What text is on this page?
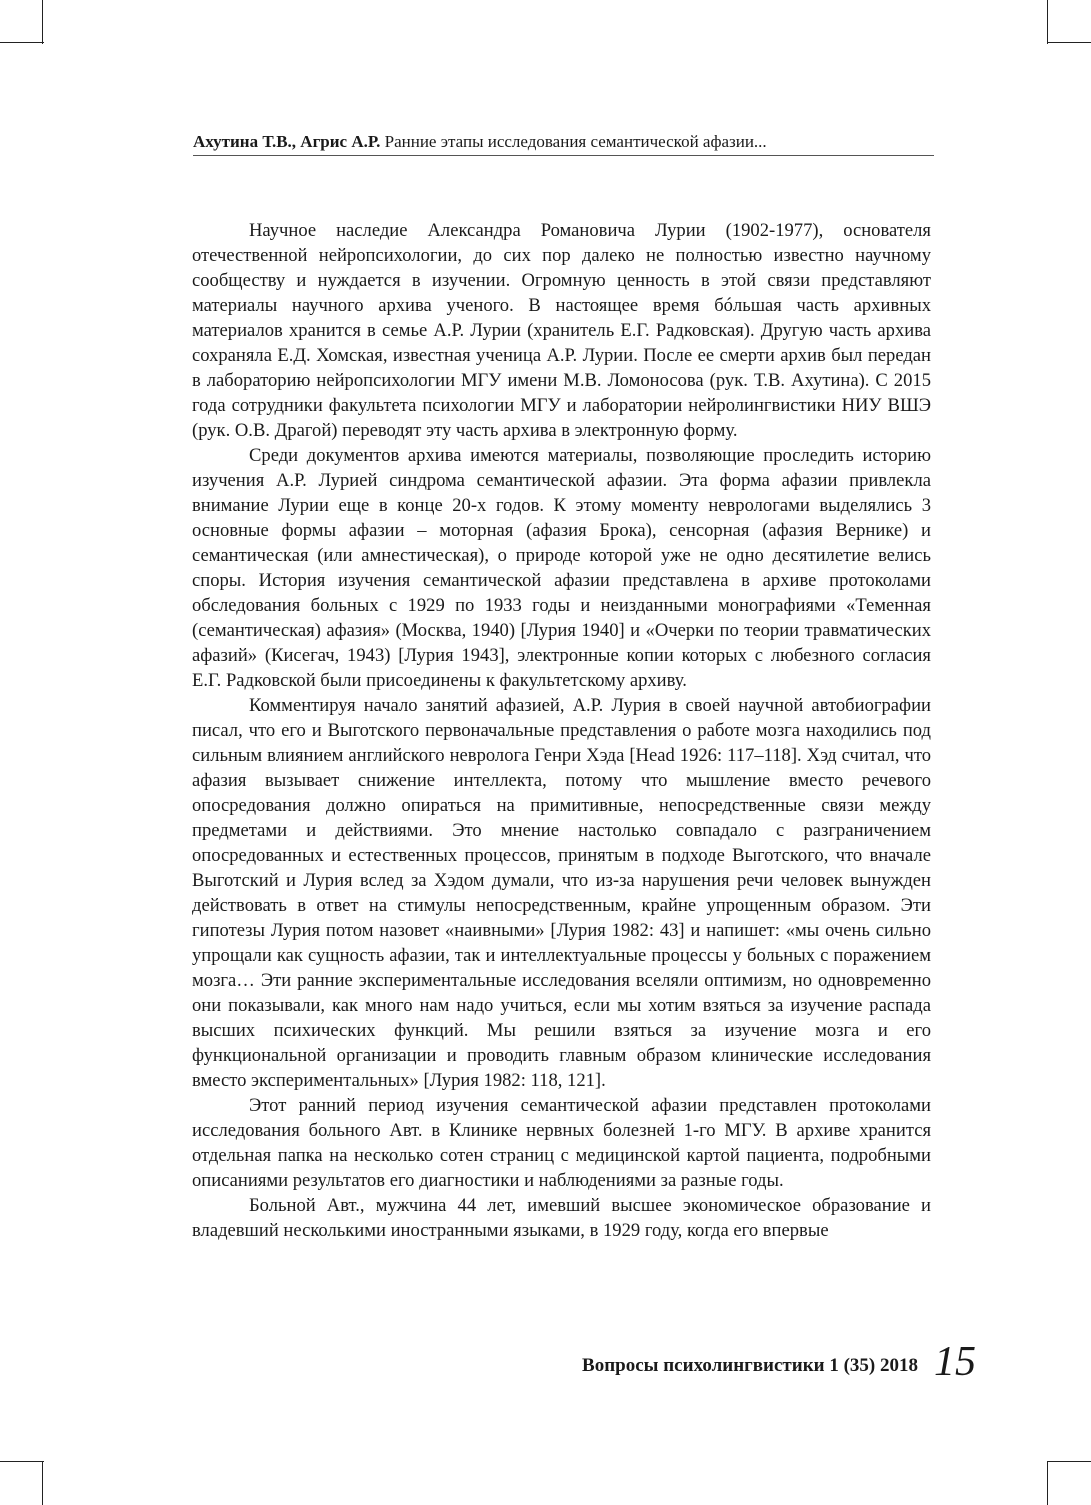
Ахутина Т.В., Агрис А.Р. Ранние этапы исследования семантической афазии...

Научное наследие Александра Романовича Лурии (1902-1977), основателя отечественной нейропсихологии, до сих пор далеко не полностью известно научному сообществу и нуждается в изучении. Огромную ценность в этой связи представляют материалы научного архива ученого. В настоящее время бóльшая часть архивных материалов хранится в семье А.Р. Лурии (хранитель Е.Г. Радковская). Другую часть архива сохраняла Е.Д. Хомская, известная ученица А.Р. Лурии. После ее смерти архив был передан в лабораторию нейропсихологии МГУ имени М.В. Ломоносова (рук. Т.В. Ахутина). С 2015 года сотрудники факультета психологии МГУ и лаборатории нейролингвистики НИУ ВШЭ (рук. О.В. Драгой) переводят эту часть архива в электронную форму.

Среди документов архива имеются материалы, позволяющие проследить историю изучения А.Р. Лурией синдрома семантической афазии. Эта форма афазии привлекла внимание Лурии еще в конце 20-х годов. К этому моменту неврологами выделялись 3 основные формы афазии – моторная (афазия Брока), сенсорная (афазия Вернике) и семантическая (или амнестическая), о природе которой уже не одно десятилетие велись споры. История изучения семантической афазии представлена в архиве протоколами обследования больных с 1929 по 1933 годы и неизданными монографиями «Теменная (семантическая) афазия» (Москва, 1940) [Лурия 1940] и «Очерки по теории травматических афазий» (Кисегач, 1943) [Лурия 1943], электронные копии которых с любезного согласия Е.Г. Радковской были присоединены к факультетскому архиву.

Комментируя начало занятий афазией, А.Р. Лурия в своей научной автобиографии писал, что его и Выготского первоначальные представления о работе мозга находились под сильным влиянием английского невролога Генри Хэда [Head 1926: 117–118]. Хэд считал, что афазия вызывает снижение интеллекта, потому что мышление вместо речевого опосредования должно опираться на примитивные, непосредственные связи между предметами и действиями. Это мнение настолько совпадало с разграничением опосредованных и естественных процессов, принятым в подходе Выготского, что вначале Выготский и Лурия вслед за Хэдом думали, что из-за нарушения речи человек вынужден действовать в ответ на стимулы непосредственным, крайне упрощенным образом. Эти гипотезы Лурия потом назовет «наивными» [Лурия 1982: 43] и напишет: «мы очень сильно упрощали как сущность афазии, так и интеллектуальные процессы у больных с поражением мозга… Эти ранние экспериментальные исследования вселяли оптимизм, но одновременно они показывали, как много нам надо учиться, если мы хотим взяться за изучение распада высших психических функций. Мы решили взяться за изучение мозга и его функциональной организации и проводить главным образом клинические исследования вместо экспериментальных» [Лурия 1982: 118, 121].

Этот ранний период изучения семантической афазии представлен протоколами исследования больного Авт. в Клинике нервных болезней 1-го МГУ. В архиве хранится отдельная папка на несколько сотен страниц с медицинской картой пациента, подробными описаниями результатов его диагностики и наблюдениями за разные годы.

Больной Авт., мужчина 44 лет, имевший высшее экономическое образование и владевший несколькими иностранными языками, в 1929 году, когда его впервые

Вопросы психолингвистики 1 (35) 2018 15
